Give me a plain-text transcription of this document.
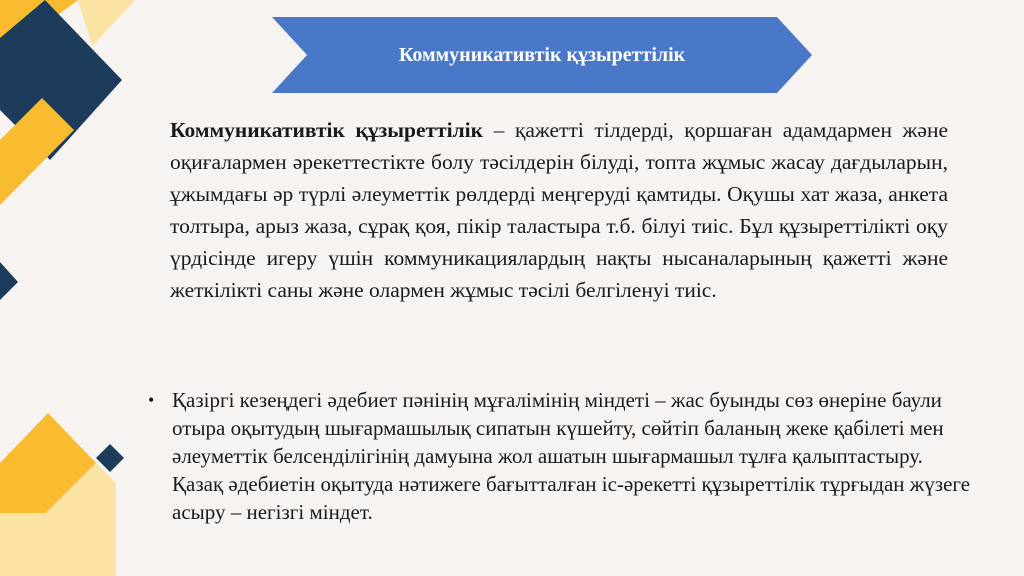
Коммуникативтік құзыреттілік

Коммуникативтік құзыреттілік – қажетті тілдерді, қоршаған адамдармен және оқиғалармен әрекеттестікте болу тәсілдерін білуді, топта жұмыс жасау дағдыларын, ұжымдағы әр түрлі әлеуметтік рөлдерді меңгеруді қамтиды. Оқушы хат жаза, анкета толтыра, арыз жаза, сұрақ қоя, пікір таластыра т.б. білуі тиіс. Бұл құзыреттілікті оқу үрдісінде игеру үшін коммуникациялардың нақты нысаналарының қажетті және жеткілікті саны және олармен жұмыс тәсілі белгіленуі тиіс.

• Қазіргі кезеңдегі әдебиет пәнінің мұғалімінің міндеті – жас буынды сөз өнеріне баули отыра оқытудың шығармашылық сипатын күшейту, сөйтіп баланың жеке қабілеті мен әлеуметтік белсенділігінің дамуына жол ашатын шығармашыл тұлға қалыптастыру. Қазақ әдебиетін оқытуда нәтижеге бағытталған іс-әрекетті құзыреттілік тұрғыдан жүзеге асыру – негізгі міндет.
